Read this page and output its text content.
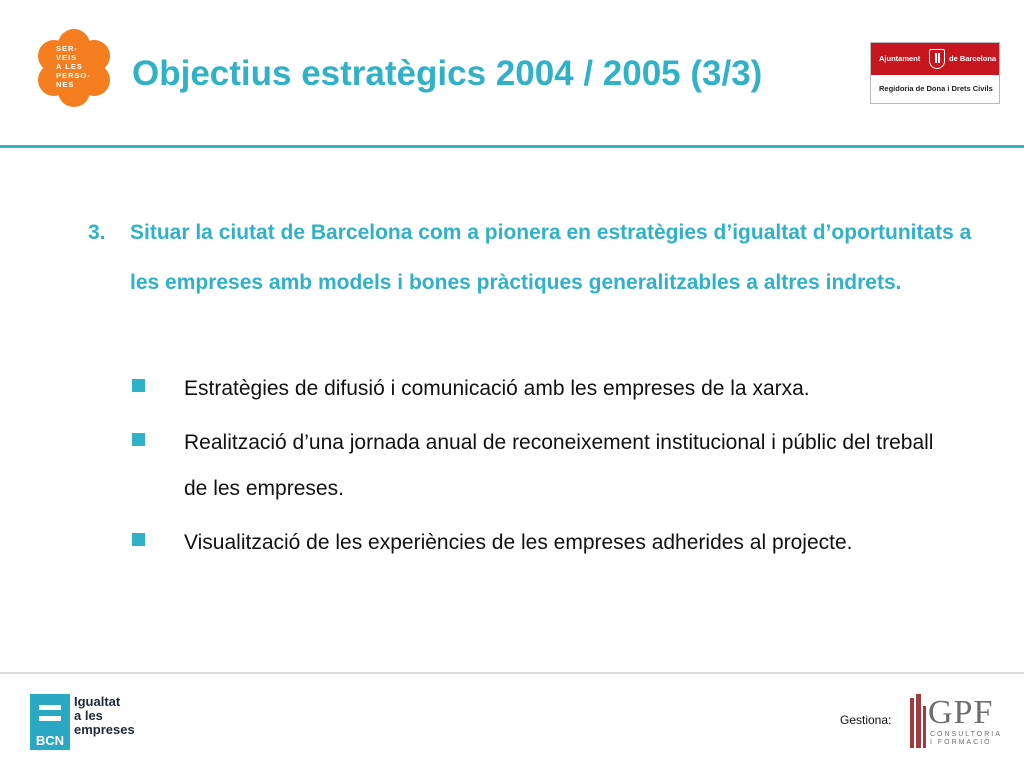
SER-
VEIS
A LES
PERSO-
NES	Objectius estratègics 2004 / 2005 (3/3)	Ajuntament	de Barcelona
Regidoria de Dona i Drets Civils
3. Situar la ciutat de Barcelona com a pionera en estratègies d’igualtat d’oportunitats a les empreses amb models i bones pràctiques generalitzables a altres indrets.
Estratègies de difusió i comunicació amb les empreses de la xarxa.
Realització d’una jornada anual de reconeixement institucional i públic del treball de les empreses.
Visualització de les experiències de les empreses adherides al projecte.
BCN
Igualtat
a les
empreses
Gestiona: GPF
CONSULTORIA
I FORMACIÓ
